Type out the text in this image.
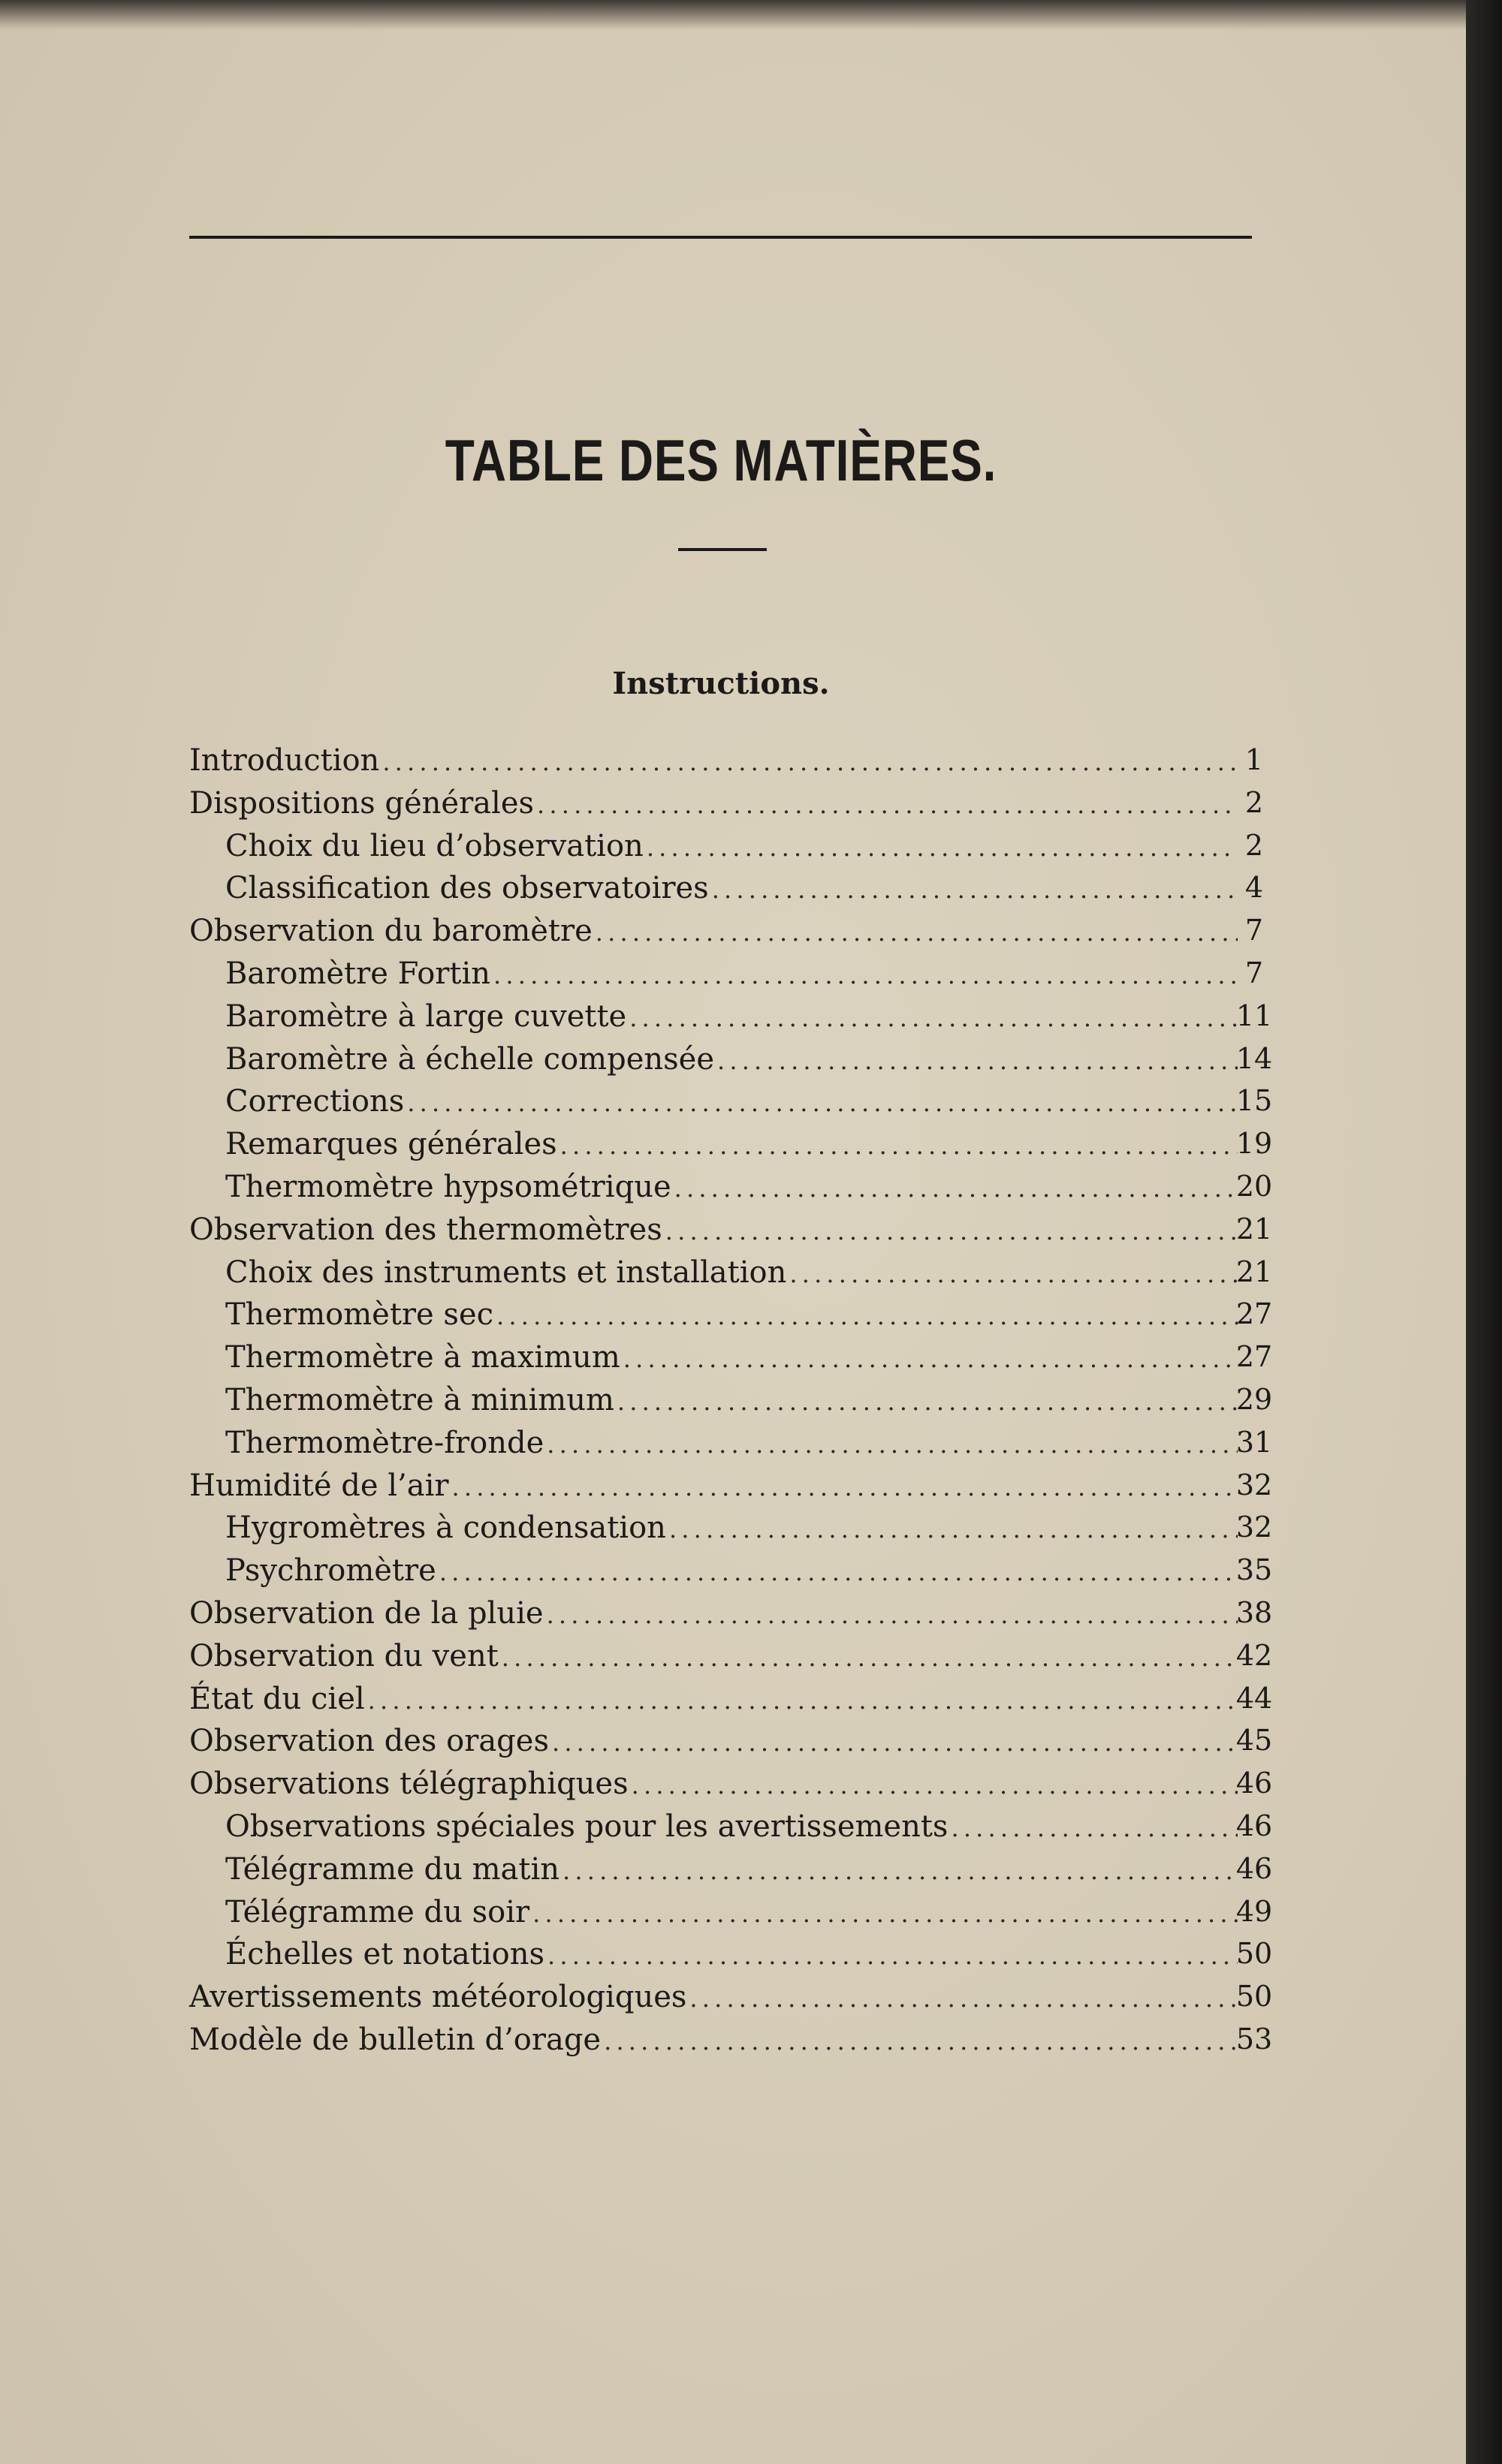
TABLE DES MATIÈRES.
Instructions.
Introduction . . .	1
Dispositions générales . . .	2
Choix du lieu d’observation . . .	2
Classification des observatoires . . .	4
Observation du baromètre . . .	7
Baromètre Fortin . . .	7
Baromètre à large cuvette . . .	11
Baromètre à échelle compensée . . .	14
Corrections . . .	15
Remarques générales . . .	19
Thermomètre hypsométrique . . .	20
Observation des thermomètres . . .	21
Choix des instruments et installation . . .	21
Thermomètre sec . . .	27
Thermomètre à maximum . . .	27
Thermomètre à minimum . . .	29
Thermomètre-fronde . . .	31
Humidité de l’air . . .	32
Hygromètres à condensation . . .	32
Psychromètre . . .	35
Observation de la pluie . . .	38
Observation du vent . . .	42
État du ciel . . .	44
Observation des orages . . .	45
Observations télégraphiques . . .	46
Observations spéciales pour les avertissements . . .	46
Télégramme du matin . . .	46
Télégramme du soir . . .	49
Échelles et notations . . .	50
Avertissements météorologiques . . .	50
Modèle de bulletin d’orage . . .	53
